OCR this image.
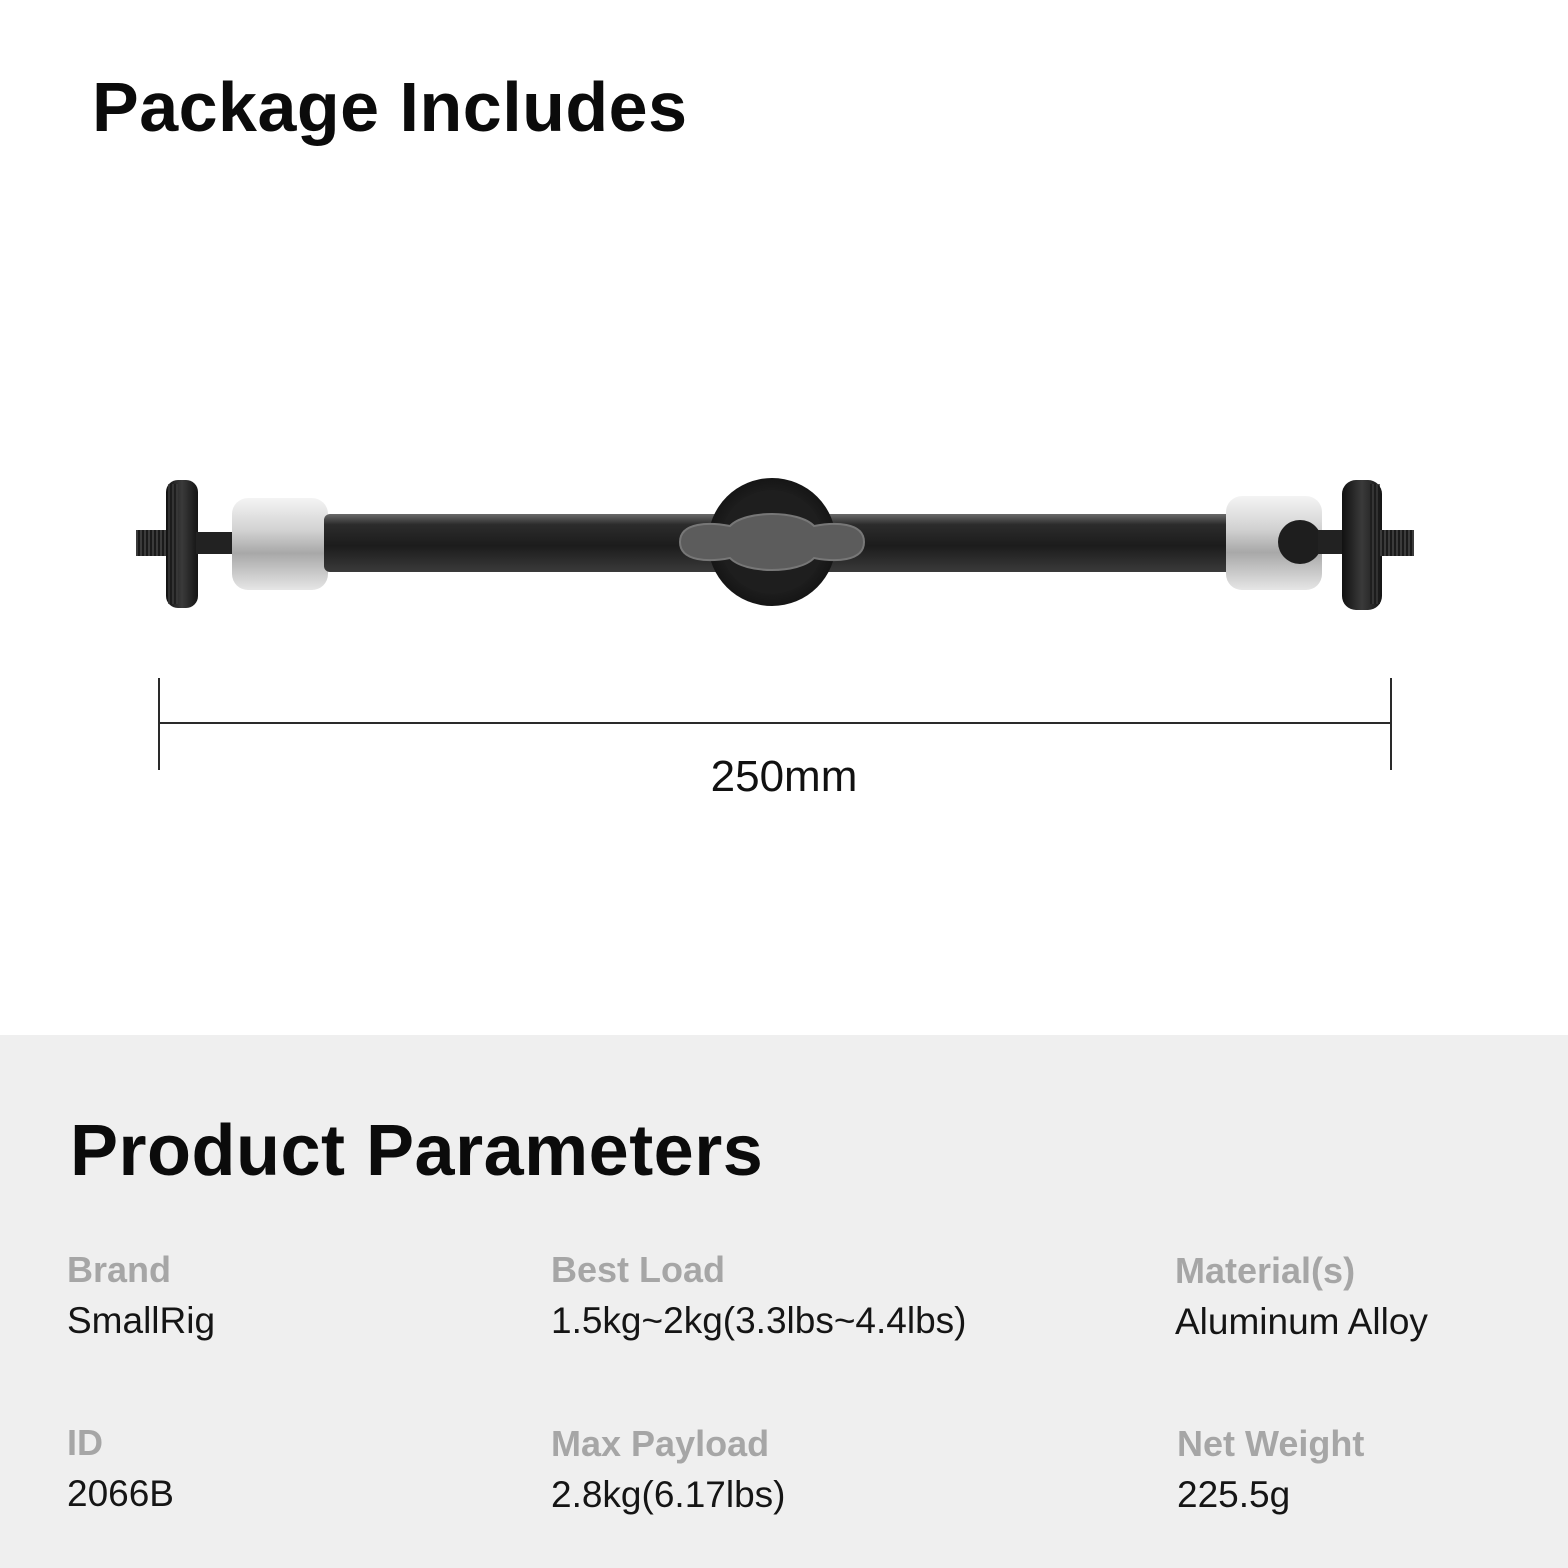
Package Includes
250mm
Product Parameters
Brand
SmallRig
Best Load
1.5kg~2kg(3.3lbs~4.4lbs)
Material(s)
Aluminum Alloy
ID
2066B
Max Payload
2.8kg(6.17lbs)
Net Weight
225.5g
